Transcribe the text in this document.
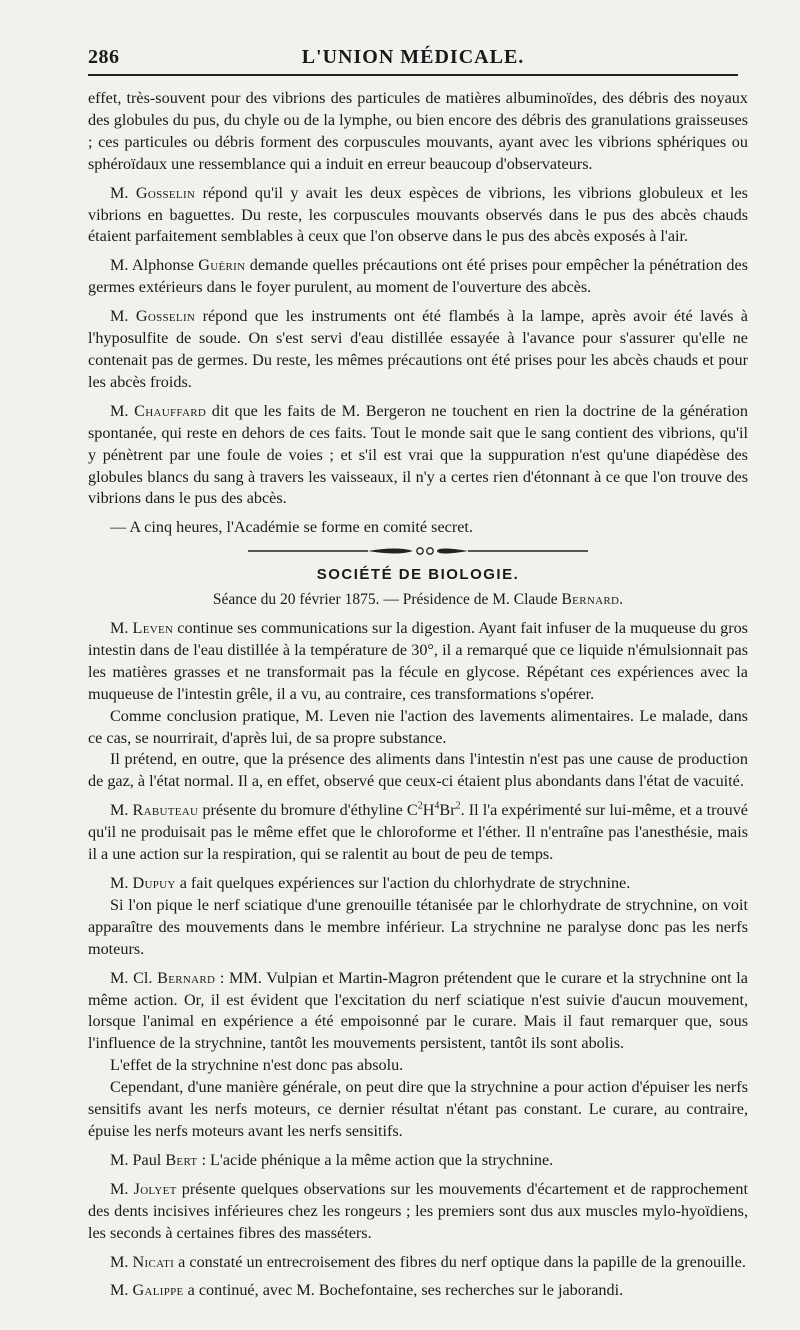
286	L'UNION MÉDICALE.

effet, très-souvent pour des vibrions des particules de matières albuminoïdes, des débris des noyaux des globules du pus, du chyle ou de la lymphe, ou bien encore des débris des granulations graisseuses ; ces particules ou débris forment des corpuscules mouvants, ayant avec les vibrions sphériques ou sphéroïdaux une ressemblance qui a induit en erreur beaucoup d'observateurs.

M. Gosselin répond qu'il y avait les deux espèces de vibrions, les vibrions globuleux et les vibrions en baguettes. Du reste, les corpuscules mouvants observés dans le pus des abcès chauds étaient parfaitement semblables à ceux que l'on observe dans le pus des abcès exposés à l'air.

M. Alphonse Guérin demande quelles précautions ont été prises pour empêcher la pénétration des germes extérieurs dans le foyer purulent, au moment de l'ouverture des abcès.

M. Gosselin répond que les instruments ont été flambés à la lampe, après avoir été lavés à l'hyposulfite de soude. On s'est servi d'eau distillée essayée à l'avance pour s'assurer qu'elle ne contenait pas de germes. Du reste, les mêmes précautions ont été prises pour les abcès chauds et pour les abcès froids.

M. Chauffard dit que les faits de M. Bergeron ne touchent en rien la doctrine de la génération spontanée, qui reste en dehors de ces faits. Tout le monde sait que le sang contient des vibrions, qu'il y pénètrent par une foule de voies ; et s'il est vrai que la suppuration n'est qu'une diapédèse des globules blancs du sang à travers les vaisseaux, il n'y a certes rien d'étonnant à ce que l'on trouve des vibrions dans le pus des abcès.

— A cinq heures, l'Académie se forme en comité secret.

SOCIÉTÉ DE BIOLOGIE.
Séance du 20 février 1875. — Présidence de M. Claude Bernard.

M. Leven continue ses communications sur la digestion. Ayant fait infuser de la muqueuse du gros intestin dans de l'eau distillée à la température de 30°, il a remarqué que ce liquide n'émulsionnait pas les matières grasses et ne transformait pas la fécule en glycose. Répétant ces expériences avec la muqueuse de l'intestin grêle, il a vu, au contraire, ces transformations s'opérer.

Comme conclusion pratique, M. Leven nie l'action des lavements alimentaires. Le malade, dans ce cas, se nourrirait, d'après lui, de sa propre substance.

Il prétend, en outre, que la présence des aliments dans l'intestin n'est pas une cause de production de gaz, à l'état normal. Il a, en effet, observé que ceux-ci étaient plus abondants dans l'état de vacuité.

M. Rabuteau présente du bromure d'éthyline $C^2H^4Br^2$. Il l'a expérimenté sur lui-même, et a trouvé qu'il ne produisait pas le même effet que le chloroforme et l'éther. Il n'entraîne pas l'anesthésie, mais il a une action sur la respiration, qui se ralentit au bout de peu de temps.

M. Dupuy a fait quelques expériences sur l'action du chlorhydrate de strychnine.

Si l'on pique le nerf sciatique d'une grenouille tétanisée par le chlorhydrate de strychnine, on voit apparaître des mouvements dans le membre inférieur. La strychnine ne paralyse donc pas les nerfs moteurs.

M. Cl. Bernard : MM. Vulpian et Martin-Magron prétendent que le curare et la strychnine ont la même action. Or, il est évident que l'excitation du nerf sciatique n'est suivie d'aucun mouvement, lorsque l'animal en expérience a été empoisonné par le curare. Mais il faut remarquer que, sous l'influence de la strychnine, tantôt les mouvements persistent, tantôt ils sont abolis.

L'effet de la strychnine n'est donc pas absolu.

Cependant, d'une manière générale, on peut dire que la strychnine a pour action d'épuiser les nerfs sensitifs avant les nerfs moteurs, ce dernier résultat n'étant pas constant. Le curare, au contraire, épuise les nerfs moteurs avant les nerfs sensitifs.

M. Paul Bert : L'acide phénique a la même action que la strychnine.

M. Jolyet présente quelques observations sur les mouvements d'écartement et de rapprochement des dents incisives inférieures chez les rongeurs ; les premiers sont dus aux muscles mylo-hyoïdiens, les seconds à certaines fibres des masséters.

M. Nicati a constaté un entrecroisement des fibres du nerf optique dans la papille de la grenouille.

M. Galippe a continué, avec M. Bochefontaine, ses recherches sur le jaborandi.
